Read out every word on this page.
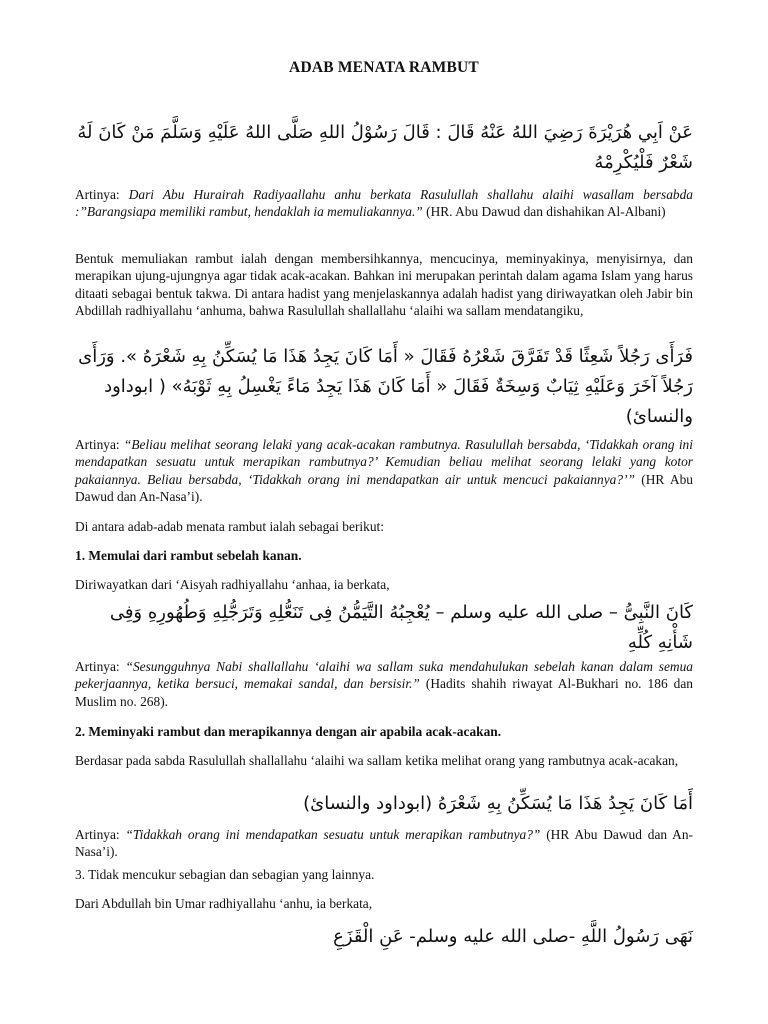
ADAB MENATA RAMBUT

عَنْ اَبِي هُرَيْرَةَ رَضِيَ اللهُ عَنْهُ قَالَ : قَالَ رَسُوْلُ اللهِ صَلَّى اللهُ عَلَيْهِ وَسَلَّمَ مَنْ كَانَ لَهُ شَعْرٌ فَلْيُكْرِمْهُ

Artinya: Dari Abu Hurairah Radiyaallahu anhu berkata Rasulullah shallahu alaihi wasallam bersabda :”Barangsiapa memiliki rambut, hendaklah ia memuliakannya.” (HR. Abu Dawud dan dishahikan Al-Albani)

Bentuk memuliakan rambut ialah dengan membersihkannya, mencucinya, meminyakinya, menyisirnya, dan merapikan ujung-ujungnya agar tidak acak-acakan. Bahkan ini merupakan perintah dalam agama Islam yang harus ditaati sebagai bentuk takwa. Di antara hadist yang menjelaskannya adalah hadist yang diriwayatkan oleh Jabir bin Abdillah radhiyallahu ‘anhuma, bahwa Rasulullah shallallahu ‘alaihi wa sallam mendatangiku,

فَرَأَى رَجُلاً شَعِثًا قَدْ تَفَرَّقَ شَعْرُهُ فَقَالَ « أَمَا كَانَ يَجِدُ هَذَا مَا يُسَكِّنُ بِهِ شَعْرَهُ ». وَرَأَى رَجُلاً آخَرَ وَعَلَيْهِ ثِيَابٌ وَسِخَةٌ فَقَالَ « أَمَا كَانَ هَذَا يَجِدُ مَاءً يَغْسِلُ بِهِ ثَوْبَهُ» ( ابوداود والنسائ)

Artinya: “Beliau melihat seorang lelaki yang acak-acakan rambutnya. Rasulullah bersabda, ‘Tidakkah orang ini mendapatkan sesuatu untuk merapikan rambutnya?’ Kemudian beliau melihat seorang lelaki yang kotor pakaiannya. Beliau bersabda, ‘Tidakkah orang ini mendapatkan air untuk mencuci pakaiannya?’” (HR Abu Dawud dan An-Nasa’i).

Di antara adab-adab menata rambut ialah sebagai berikut:

1. Memulai dari rambut sebelah kanan.

Diriwayatkan dari ‘Aisyah radhiyallahu ‘anhaa, ia berkata,

كَانَ النَّبِىُّ – صلى الله عليه وسلم – يُعْجِبُهُ التَّيَمُّنُ فِى تَنَعُّلِهِ وَتَرَجُّلِهِ وَطُهُورِهِ وَفِى شَأْنِهِ كُلِّهِ

Artinya: “Sesungguhnya Nabi shallallahu ‘alaihi wa sallam suka mendahulukan sebelah kanan dalam semua pekerjaannya, ketika bersuci, memakai sandal, dan bersisir.” (Hadits shahih riwayat Al-Bukhari no. 186 dan Muslim no. 268).

2. Meminyaki rambut dan merapikannya dengan air apabila acak-acakan.

Berdasar pada sabda Rasulullah shallallahu ‘alaihi wa sallam ketika melihat orang yang rambutnya acak-acakan,

أَمَا كَانَ يَجِدُ هَذَا مَا يُسَكِّنُ بِهِ شَعْرَهُ (ابوداود والنسائ)

Artinya: “Tidakkah orang ini mendapatkan sesuatu untuk merapikan rambutnya?” (HR Abu Dawud dan An-Nasa’i).

3. Tidak mencukur sebagian dan sebagian yang lainnya.

Dari Abdullah bin Umar radhiyallahu ‘anhu, ia berkata,

نَهَى رَسُولُ اللَّهِ -صلى الله عليه وسلم- عَنِ الْقَزَعِ
